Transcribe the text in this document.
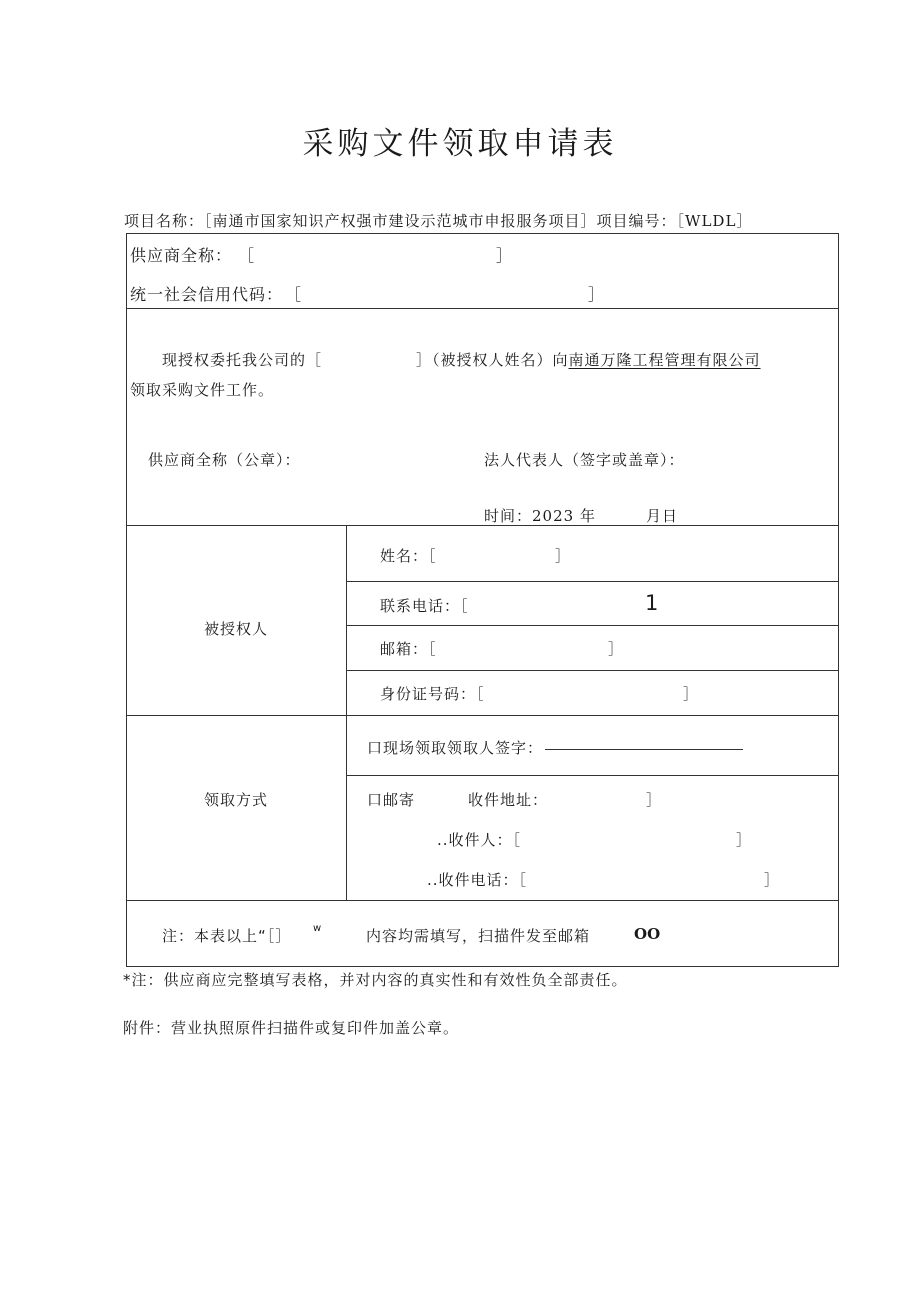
采购文件领取申请表
项目名称：［南通市国家知识产权强市建设示范城市申报服务项目］项目编号：［WLDL］
供应商全称： ［	］
统一社会信用代码： ［	］
现授权委托我公司的［	］（被授权人姓名）向南通万隆工程管理有限公司
领取采购文件工作。
供应商全称（公章）：	法人代表人（签字或盖章）：
时间：2023 年	月日
被授权人
姓名：［	］
联系电话：［	1
邮箱：［	］
身份证号码：［	］
领取方式
口现场领取领取人签字：
口邮寄	收件地址：	］
..收件人：［	］
..收件电话：［	］
注：本表以上“［］ w	内容均需填写，扫描件发至邮箱	OO
*注：供应商应完整填写表格，并对内容的真实性和有效性负全部责任。
附件：营业执照原件扫描件或复印件加盖公章。
